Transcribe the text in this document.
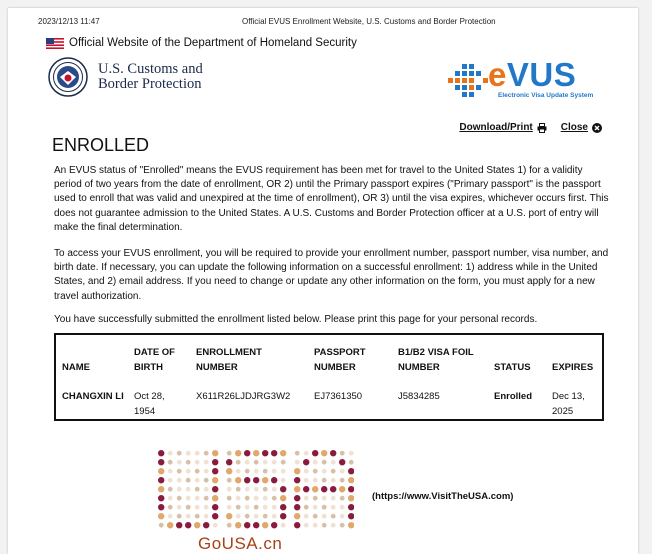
2023/12/13 11:47	Official EVUS Enrollment Website, U.S. Customs and Border Protection
Official Website of the Department of Homeland Security
U.S. Customs and
Border Protection	eVUS
Electronic Visa Update System
Download/Print	Close
ENROLLED

An EVUS status of "Enrolled" means the EVUS requirement has been met for travel to the United States 1) for a validity period of two years from the date of enrollment, OR 2) until the Primary passport expires ("Primary passport" is the passport used to enroll that was valid and unexpired at the time of enrollment), OR 3) until the visa expires, whichever occurs first. This does not guarantee admission to the United States. A U.S. Customs and Border Protection officer at a U.S. port of entry will make the final determination.

To access your EVUS enrollment, you will be required to provide your enrollment number, passport number, visa number, and birth date. If necessary, you can update the following information on a successful enrollment: 1) address while in the United States, and 2) email address. If you need to change or update any other information on the form, you must apply for a new travel authorization.

You have successfully submitted the enrollment listed below. Please print this page for your personal records.

NAME	DATE OF BIRTH	ENROLLMENT NUMBER	PASSPORT NUMBER	B1/B2 VISA FOIL NUMBER	STATUS	EXPIRES
CHANGXIN LI	Oct 28, 1954	X611R26LJDJRG3W2	EJ7361350	J5834285	Enrolled	Dec 13, 2025
GoUSA.cn
(https://www.VisitTheUSA.com)
